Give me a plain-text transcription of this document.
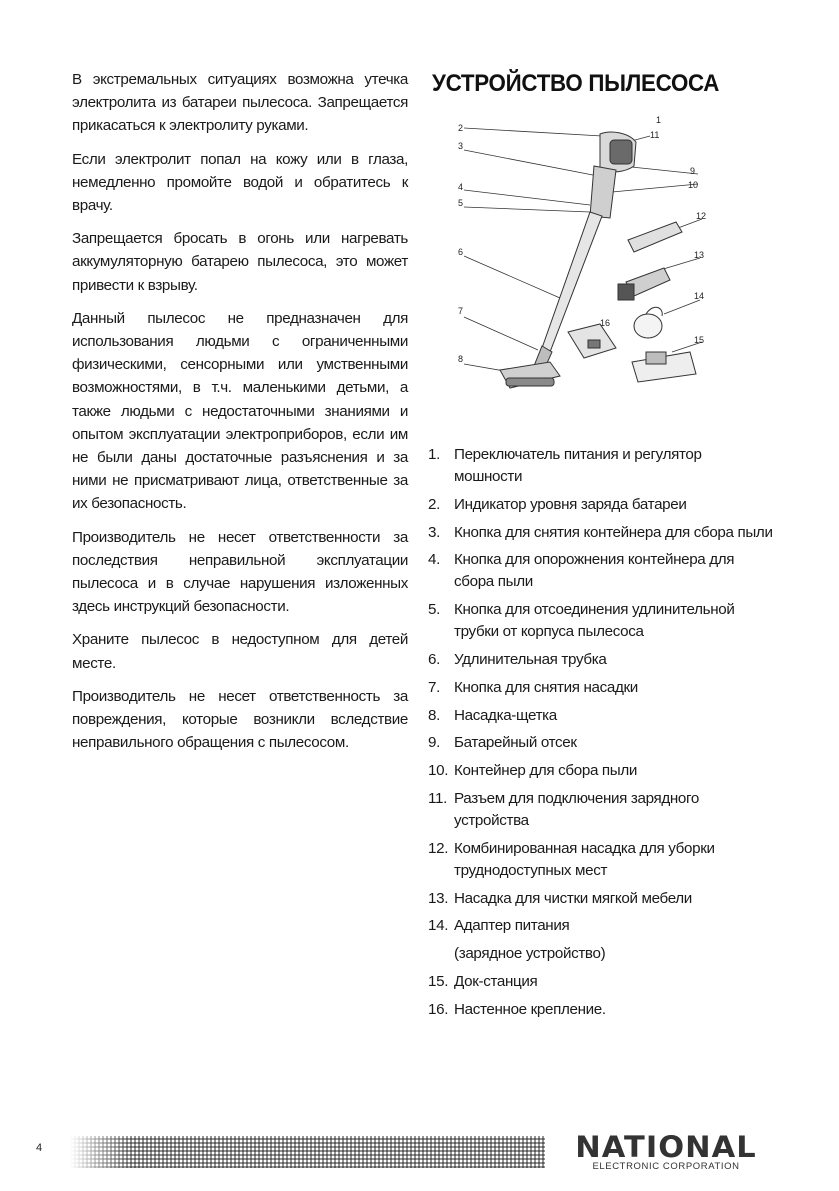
В экстремальных ситуациях возможна утечка электролита из батареи пылесоса. Запрещается прикасаться к электролиту руками.

Если электролит попал на кожу или в глаза, немедленно промойте водой и обратитесь к врачу.

Запрещается бросать в огонь или нагревать аккумуляторную батарею пылесоса, это может привести к взрыву.

Данный пылесос не предназначен для использования людьми с ограниченными физическими, сенсорными или умственными возможностями, в т.ч. маленькими детьми, а также людьми с недостаточными знаниями и опытом эксплуатации электроприборов, если им не были даны достаточные разъяснения и за ними не присматривают лица, ответственные за их безопасность.

Производитель не несет ответственности за последствия неправильной эксплуатации пылесоса и в случае нарушения изложенных здесь инструкций безопасности.

Храните пылесос в недоступном для детей месте.

Производитель не несет ответственность за повреждения, которые возникли вследствие неправильного обращения с пылесосом.

УСТРОЙСТВО ПЫЛЕСОСА
1
2
3
4
5
6
7
8
9
10
11
12
13
14
15
16
1. Переключатель питания и регулятор мошности
2. Индикатор уровня заряда батареи
3. Кнопка для снятия контейнера для сбора пыли
4. Кнопка для опорожнения контейнера для сбора пыли
5. Кнопка для отсоединения удлинительной трубки от корпуса пылесоса
6. Удлинительная трубка
7. Кнопка для снятия насадки
8. Насадка-щетка
9. Батарейный отсек
10. Контейнер для сбора пыли
11. Разъем для подключения зарядного устройства
12. Комбинированная насадка для уборки труднодоступных мест
13. Насадка для чистки мягкой мебели
14. Адаптер питания
(зарядное устройство)
15. Док-станция
16. Настенное крепление.
4	NATIONAL
ELECTRONIC CORPORATION
